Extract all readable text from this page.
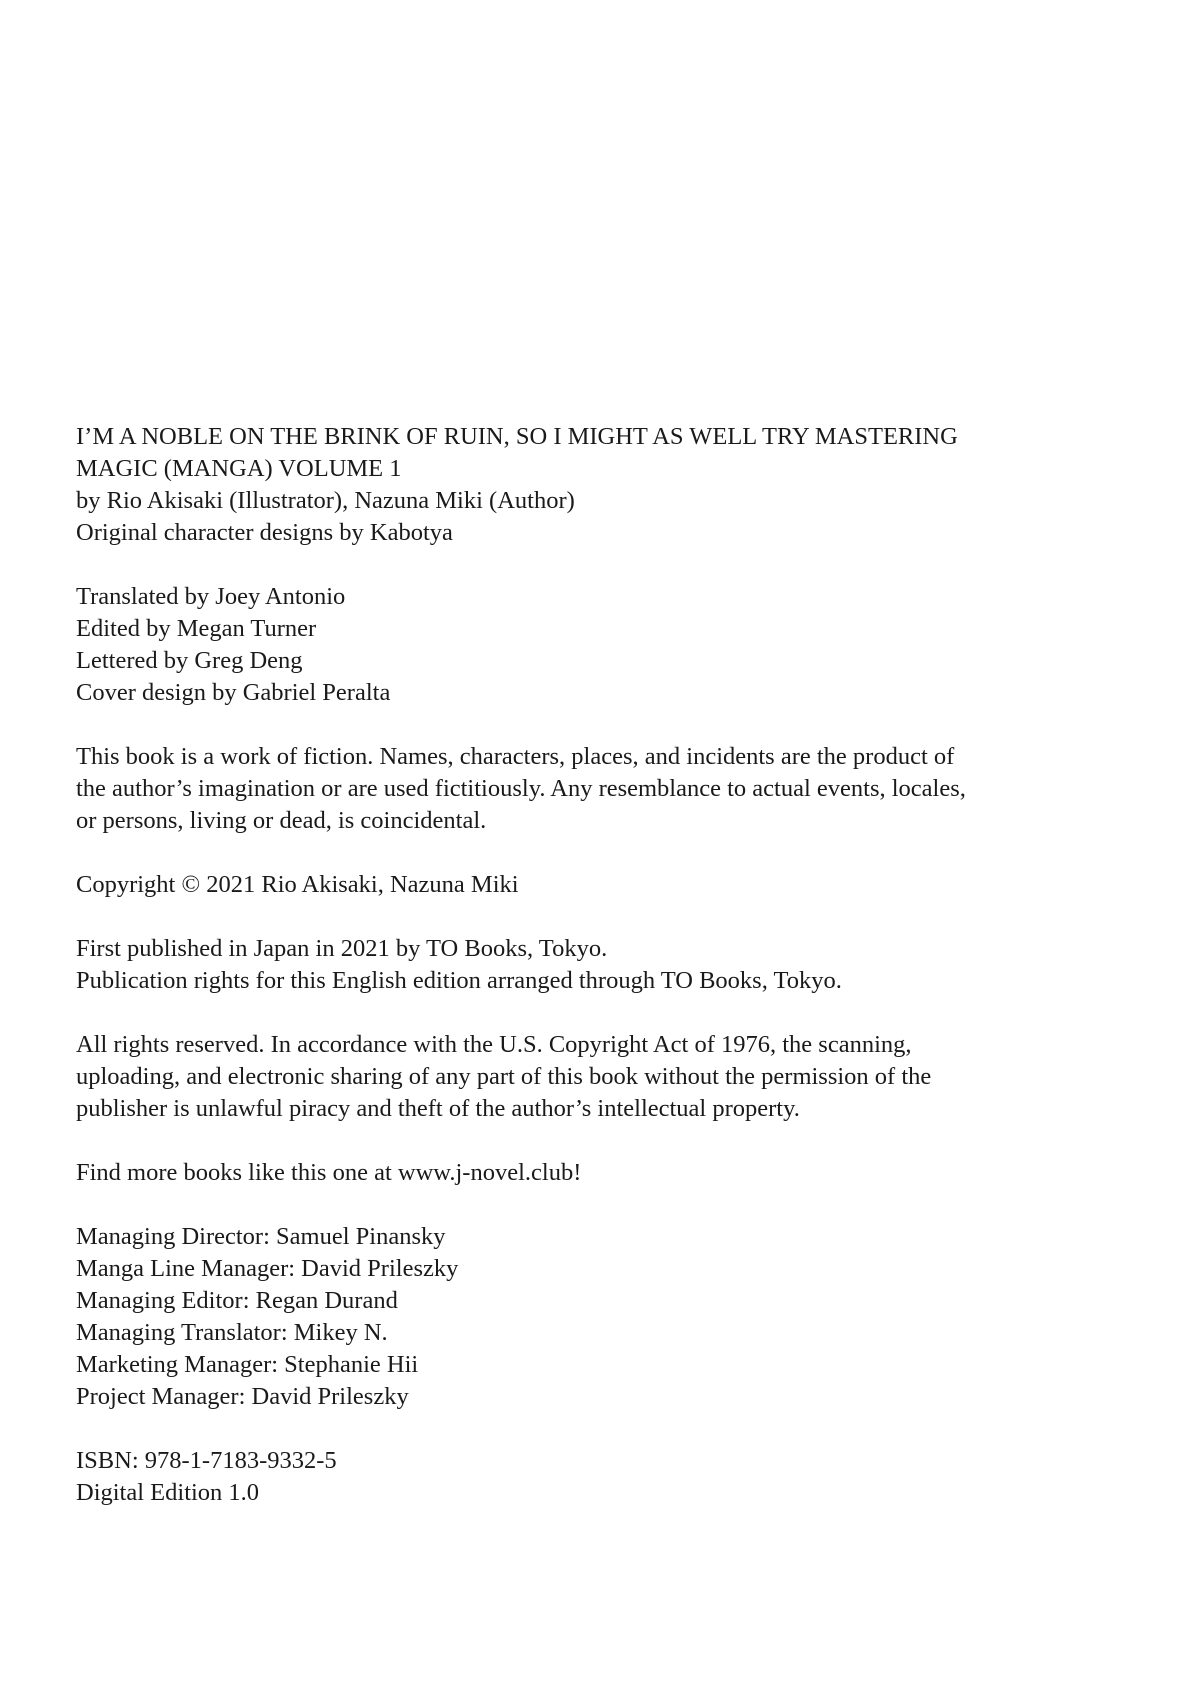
I’M A NOBLE ON THE BRINK OF RUIN, SO I MIGHT AS WELL TRY MASTERING
MAGIC (MANGA) VOLUME 1
by Rio Akisaki (Illustrator), Nazuna Miki (Author)
Original character designs by Kabotya
Translated by Joey Antonio
Edited by Megan Turner
Lettered by Greg Deng
Cover design by Gabriel Peralta
This book is a work of fiction. Names, characters, places, and incidents are the product of
the author’s imagination or are used fictitiously. Any resemblance to actual events, locales,
or persons, living or dead, is coincidental.
Copyright © 2021 Rio Akisaki, Nazuna Miki
First published in Japan in 2021 by TO Books, Tokyo.
Publication rights for this English edition arranged through TO Books, Tokyo.
All rights reserved. In accordance with the U.S. Copyright Act of 1976, the scanning,
uploading, and electronic sharing of any part of this book without the permission of the
publisher is unlawful piracy and theft of the author’s intellectual property.
Find more books like this one at www.j-novel.club!
Managing Director: Samuel Pinansky
Manga Line Manager: David Prileszky
Managing Editor: Regan Durand
Managing Translator: Mikey N.
Marketing Manager: Stephanie Hii
Project Manager: David Prileszky
ISBN: 978-1-7183-9332-5
Digital Edition 1.0
